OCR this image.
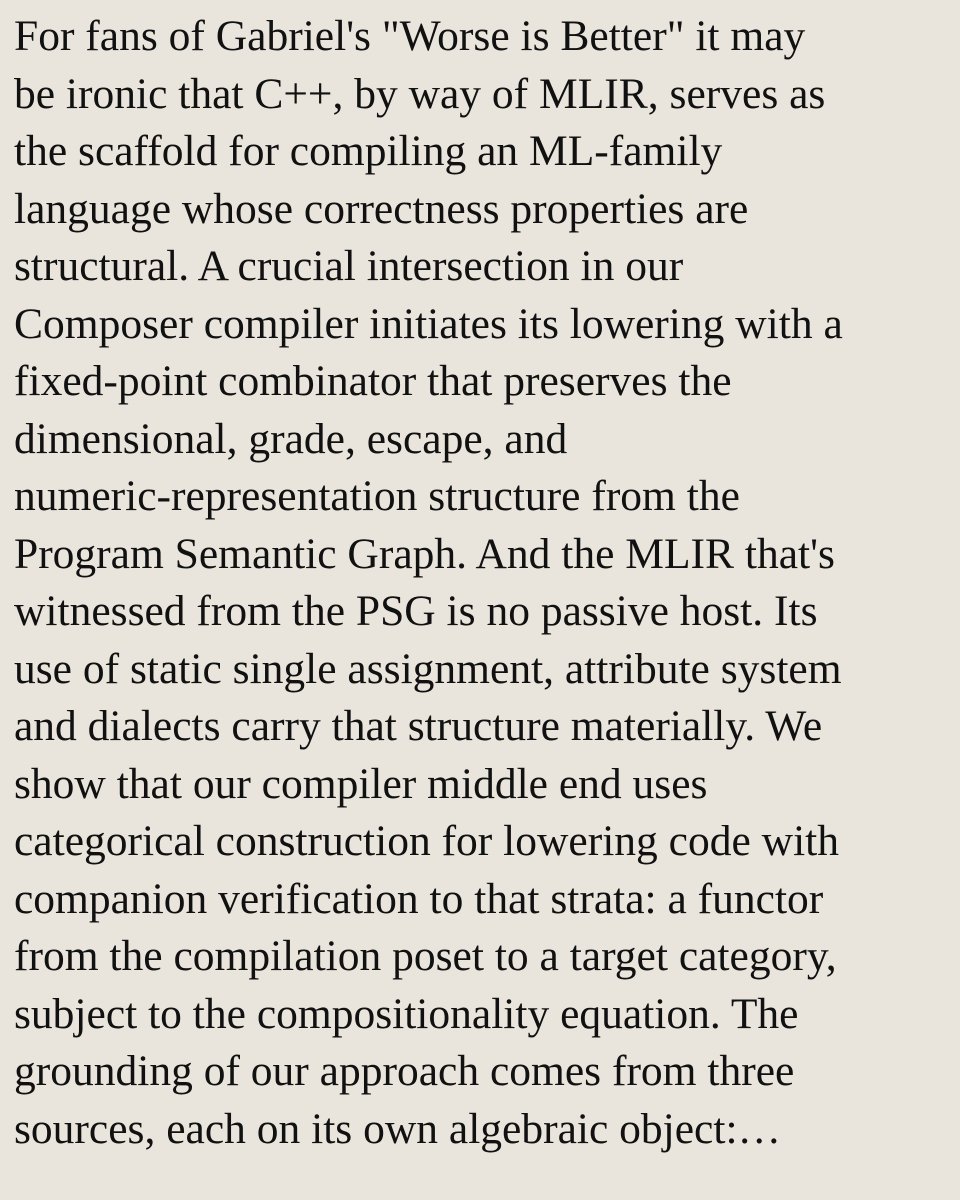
For fans of Gabriel's "Worse is Better" it may
be ironic that C++, by way of MLIR, serves as
the scaffold for compiling an ML-family
language whose correctness properties are
structural. A crucial intersection in our
Composer compiler initiates its lowering with a
fixed-point combinator that preserves the
dimensional, grade, escape, and
numeric-representation structure from the
Program Semantic Graph. And the MLIR that's
witnessed from the PSG is no passive host. Its
use of static single assignment, attribute system
and dialects carry that structure materially. We
show that our compiler middle end uses
categorical construction for lowering code with
companion verification to that strata: a functor
from the compilation poset to a target category,
subject to the compositionality equation. The
grounding of our approach comes from three
sources, each on its own algebraic object:…
